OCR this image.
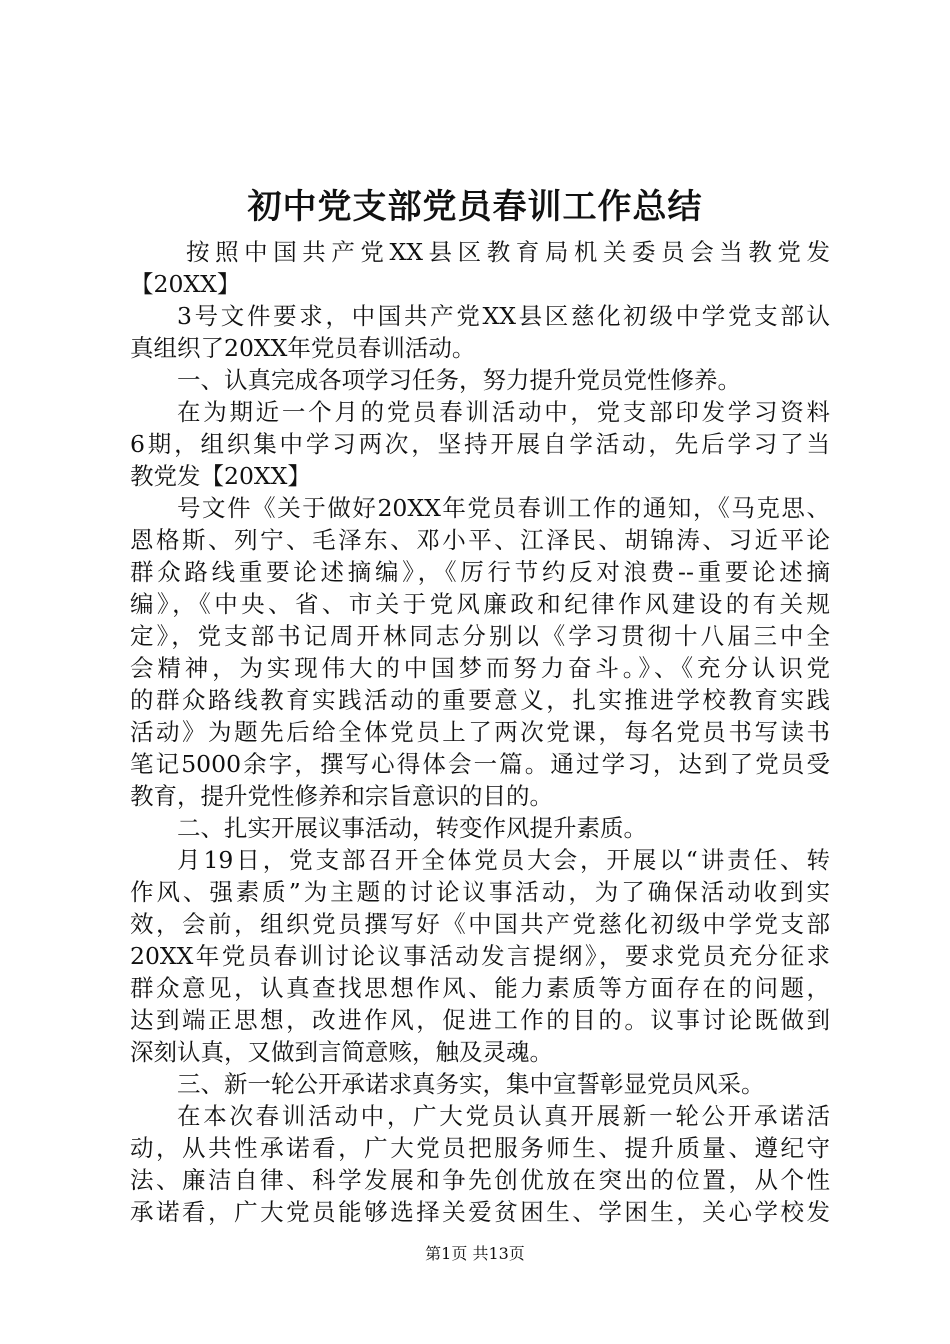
初中党支部党员春训工作总结
按照中国共产党XX县区教育局机关委员会当教党发
【20XX】
3号文件要求，中国共产党XX县区慈化初级中学党支部认
真组织了20XX年党员春训活动。
一、认真完成各项学习任务，努力提升党员党性修养。
在为期近一个月的党员春训活动中，党支部印发学习资料
6期，组织集中学习两次，坚持开展自学活动，先后学习了当
教党发【20XX】
号文件《关于做好20XX年党员春训工作的通知，《马克思、
恩格斯、列宁、毛泽东、邓小平、江泽民、胡锦涛、习近平论
群众路线重要论述摘编》，《厉行节约反对浪费--重要论述摘
编》，《中央、省、市关于党风廉政和纪律作风建设的有关规
定》，党支部书记周开林同志分别以《学习贯彻十八届三中全
会精神，为实现伟大的中国梦而努力奋斗。》、《充分认识党
的群众路线教育实践活动的重要意义，扎实推进学校教育实践
活动》为题先后给全体党员上了两次党课，每名党员书写读书
笔记5000余字，撰写心得体会一篇。通过学习，达到了党员受
教育，提升党性修养和宗旨意识的目的。
二、扎实开展议事活动，转变作风提升素质。
月19日，党支部召开全体党员大会，开展以“讲责任、转
作风、强素质”为主题的讨论议事活动，为了确保活动收到实
效，会前，组织党员撰写好《中国共产党慈化初级中学党支部
20XX年党员春训讨论议事活动发言提纲》，要求党员充分征求
群众意见，认真查找思想作风、能力素质等方面存在的问题，
达到端正思想，改进作风，促进工作的目的。议事讨论既做到
深刻认真，又做到言简意赅，触及灵魂。
三、新一轮公开承诺求真务实，集中宣誓彰显党员风采。
在本次春训活动中，广大党员认真开展新一轮公开承诺活
动，从共性承诺看，广大党员把服务师生、提升质量、遵纪守
法、廉洁自律、科学发展和争先创优放在突出的位置，从个性
承诺看，广大党员能够选择关爱贫困生、学困生，关心学校发
第1页 共13页
